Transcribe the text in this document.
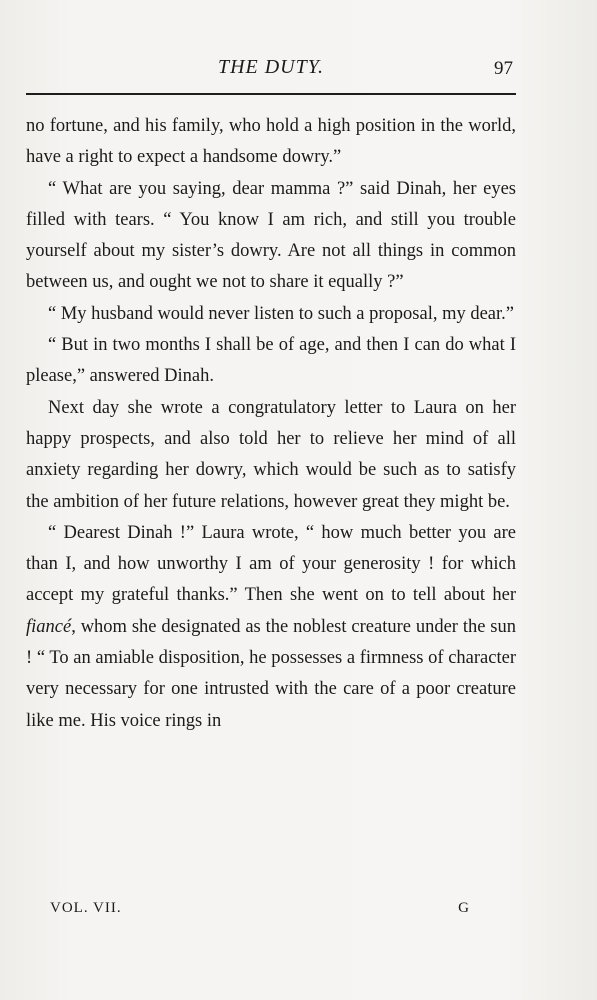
THE DUTY.	97

no fortune, and his family, who hold a high position in the world, have a right to expect a handsome dowry.”

“ What are you saying, dear mamma ?” said Dinah, her eyes filled with tears. “ You know I am rich, and still you trouble yourself about my sister’s dowry. Are not all things in common between us, and ought we not to share it equally ?”

“ My husband would never listen to such a proposal, my dear.”

“ But in two months I shall be of age, and then I can do what I please,” answered Dinah.

Next day she wrote a congratulatory letter to Laura on her happy prospects, and also told her to relieve her mind of all anxiety regarding her dowry, which would be such as to satisfy the ambition of her future relations, however great they might be.

“ Dearest Dinah !” Laura wrote, “ how much better you are than I, and how unworthy I am of your generosity ! for which accept my grateful thanks.” Then she went on to tell about her fiancé, whom she designated as the noblest creature under the sun ! “ To an amiable disposition, he possesses a firmness of character very necessary for one intrusted with the care of a poor creature like me. His voice rings in

VOL. VII.	G
